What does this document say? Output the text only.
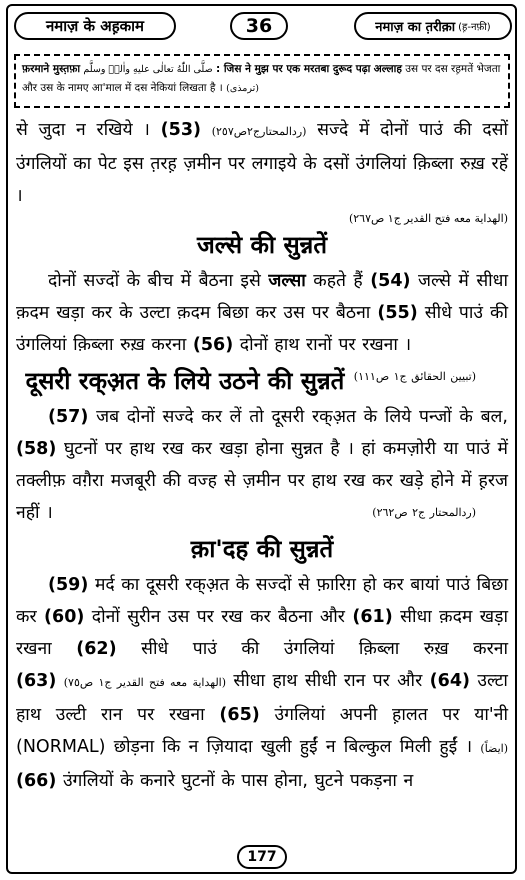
नमाज़ के अह़काम	36	नमाज़ का त़रीक़ा (ह़-नफ़ी)
फ़रमाने मुस्त़फ़ा صلَّى اللّٰهُ تعالٰى عليهِ واٰلهٖ وسلَّم : जिस ने मुझ पर एक मरतबा दुरूद पढ़ा अल्लाह उस पर दस रह़मतें भेजता और उस के नामए आ'माल में दस नेकियां लिखता है । (ترمذی)

से जुदा न रखिये ।	(ردالمحتارج٢ص٢٥٧) (53)	सज्दे में दोनों पाउं की दसों उंगलियों का पेट इस त़रह़ ज़मीन पर लगाइये के दसों उंगलियां क़िब्ला रुख़ रहें ।

(الهداية معه فتح القدير ج١ ص٢٦٧)
जल्से की सुन्नतें

दोनों सज्दों के बीच में बैठना इसे जल्सा कहते हैं (54) जल्से में सीधा क़दम खड़ा कर के उल्टा क़दम बिछा कर उस पर बैठना (55) सीधे पाउं की उंगलियां क़िब्ला रुख़ करना (56) दोनों हाथ रानों पर रखना ।
(تبيين الحقائق ج١ ص١١١)

दूसरी रक्अ़त के लिये उठने की सुन्नतें

(57) जब दोनों सज्दे कर लें तो दूसरी रक्अ़त के लिये पन्जों के बल, (58) घुटनों पर हाथ रख कर खड़ा होना सुन्नत है । हां कमज़ोरी या पाउं में तक्लीफ़ वग़ैरा मजबूरी की वज्ह से ज़मीन पर हाथ रख कर खड़े होने में ह़रज नहीं ।	(ردالمحتار ج٢ ص٢٦٢)

क़ा'दह की सुन्नतें

(59) मर्द का दूसरी रक्अ़त के सज्दों से फ़ारिग़ हो कर बायां पाउं बिछा कर (60) दोनों सुरीन उस पर रख कर बैठना और (61) सीधा क़दम खड़ा रखना (62) सीधे पाउं की उंगलियां क़िब्ला रुख़ करना (الهداية معه فتح القدير ج١ ص٧٥) (63)	सीधा हाथ सीधी रान पर और (64) उल्टा हाथ उल्टी रान पर रखना (65) उंगलियां अपनी ह़ालत पर या'नी (NORMAL) छोड़ना कि न ज़ियादा खुली हुईं न बिल्कुल मिली हुईं । (ایضاً) (66) उंगलियों के कनारे घुटनों के पास होना, घुटने पकड़ना न

177
